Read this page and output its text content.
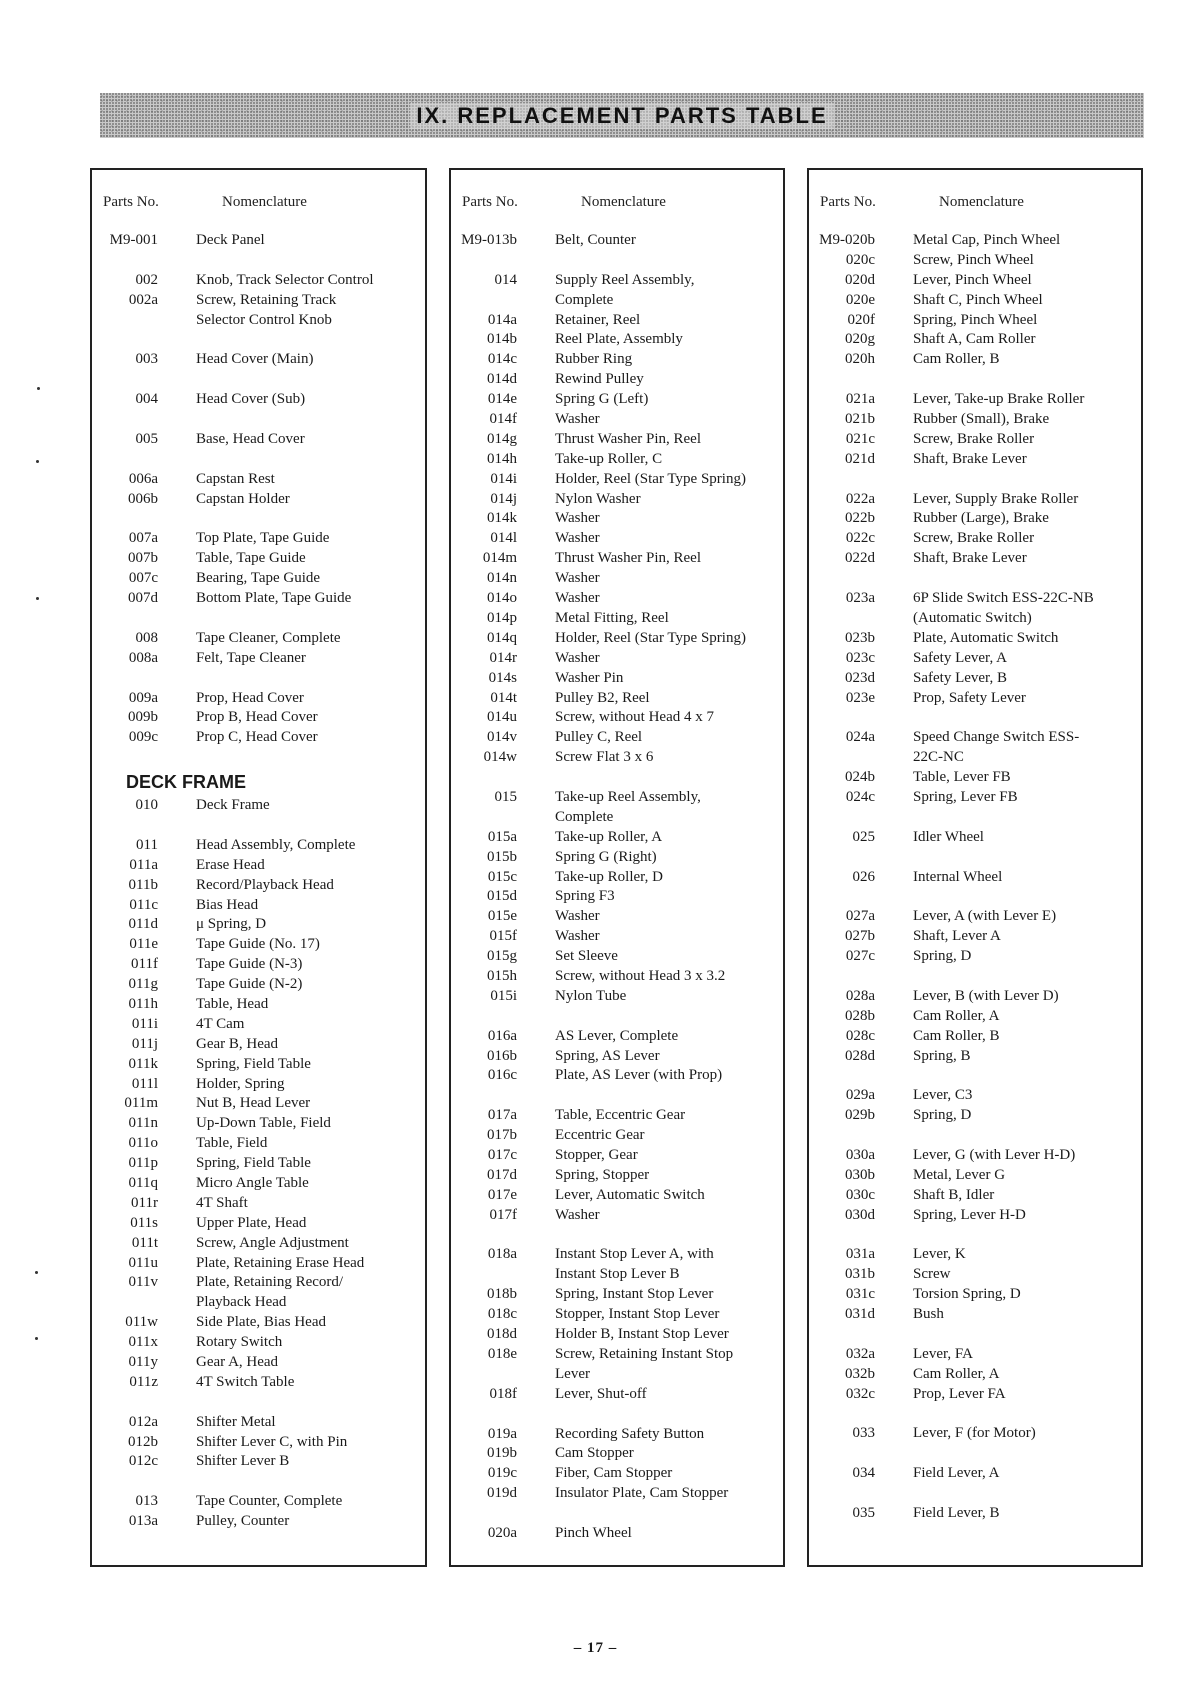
IX. REPLACEMENT PARTS TABLE
Parts No.	Nomenclature
M9-001	Deck Panel
002	Knob, Track Selector Control
002a	Screw, Retaining Track
Selector Control Knob
003	Head Cover (Main)
004	Head Cover (Sub)
005	Base, Head Cover
006a	Capstan Rest
006b	Capstan Holder
007a	Top Plate, Tape Guide
007b	Table, Tape Guide
007c	Bearing, Tape Guide
007d	Bottom Plate, Tape Guide
008	Tape Cleaner, Complete
008a	Felt, Tape Cleaner
009a	Prop, Head Cover
009b	Prop B, Head Cover
009c	Prop C, Head Cover
DECK FRAME
010	Deck Frame
011	Head Assembly, Complete
011a	Erase Head
011b	Record/Playback Head
011c	Bias Head
011d	μ Spring, D
011e	Tape Guide (No. 17)
011f	Tape Guide (N-3)
011g	Tape Guide (N-2)
011h	Table, Head
011i	4T Cam
011j	Gear B, Head
011k	Spring, Field Table
011l	Holder, Spring
011m	Nut B, Head Lever
011n	Up-Down Table, Field
011o	Table, Field
011p	Spring, Field Table
011q	Micro Angle Table
011r	4T Shaft
011s	Upper Plate, Head
011t	Screw, Angle Adjustment
011u	Plate, Retaining Erase Head
011v	Plate, Retaining Record/
Playback Head
011w	Side Plate, Bias Head
011x	Rotary Switch
011y	Gear A, Head
011z	4T Switch Table
012a	Shifter Metal
012b	Shifter Lever C, with Pin
012c	Shifter Lever B
013	Tape Counter, Complete
013a	Pulley, Counter
Parts No.	Nomenclature
M9-013b	Belt, Counter
014	Supply Reel Assembly,
Complete
014a	Retainer, Reel
014b	Reel Plate, Assembly
014c	Rubber Ring
014d	Rewind Pulley
014e	Spring G (Left)
014f	Washer
014g	Thrust Washer Pin, Reel
014h	Take-up Roller, C
014i	Holder, Reel (Star Type Spring)
014j	Nylon Washer
014k	Washer
014l	Washer
014m	Thrust Washer Pin, Reel
014n	Washer
014o	Washer
014p	Metal Fitting, Reel
014q	Holder, Reel (Star Type Spring)
014r	Washer
014s	Washer Pin
014t	Pulley B2, Reel
014u	Screw, without Head 4 x 7
014v	Pulley C, Reel
014w	Screw Flat 3 x 6
015	Take-up Reel Assembly,
Complete
015a	Take-up Roller, A
015b	Spring G (Right)
015c	Take-up Roller, D
015d	Spring F3
015e	Washer
015f	Washer
015g	Set Sleeve
015h	Screw, without Head 3 x 3.2
015i	Nylon Tube
016a	AS Lever, Complete
016b	Spring, AS Lever
016c	Plate, AS Lever (with Prop)
017a	Table, Eccentric Gear
017b	Eccentric Gear
017c	Stopper, Gear
017d	Spring, Stopper
017e	Lever, Automatic Switch
017f	Washer
018a	Instant Stop Lever A, with
Instant Stop Lever B
018b	Spring, Instant Stop Lever
018c	Stopper, Instant Stop Lever
018d	Holder B, Instant Stop Lever
018e	Screw, Retaining Instant Stop
Lever
018f	Lever, Shut-off
019a	Recording Safety Button
019b	Cam Stopper
019c	Fiber, Cam Stopper
019d	Insulator Plate, Cam Stopper
020a	Pinch Wheel
Parts No.	Nomenclature
M9-020b	Metal Cap, Pinch Wheel
020c	Screw, Pinch Wheel
020d	Lever, Pinch Wheel
020e	Shaft C, Pinch Wheel
020f	Spring, Pinch Wheel
020g	Shaft A, Cam Roller
020h	Cam Roller, B
021a	Lever, Take-up Brake Roller
021b	Rubber (Small), Brake
021c	Screw, Brake Roller
021d	Shaft, Brake Lever
022a	Lever, Supply Brake Roller
022b	Rubber (Large), Brake
022c	Screw, Brake Roller
022d	Shaft, Brake Lever
023a	6P Slide Switch ESS-22C-NB
(Automatic Switch)
023b	Plate, Automatic Switch
023c	Safety Lever, A
023d	Safety Lever, B
023e	Prop, Safety Lever
024a	Speed Change Switch ESS-
22C-NC
024b	Table, Lever FB
024c	Spring, Lever FB
025	Idler Wheel
026	Internal Wheel
027a	Lever, A (with Lever E)
027b	Shaft, Lever A
027c	Spring, D
028a	Lever, B (with Lever D)
028b	Cam Roller, A
028c	Cam Roller, B
028d	Spring, B
029a	Lever, C3
029b	Spring, D
030a	Lever, G (with Lever H-D)
030b	Metal, Lever G
030c	Shaft B, Idler
030d	Spring, Lever H-D
031a	Lever, K
031b	Screw
031c	Torsion Spring, D
031d	Bush
032a	Lever, FA
032b	Cam Roller, A
032c	Prop, Lever FA
033	Lever, F (for Motor)
034	Field Lever, A
035	Field Lever, B
– 17 –
